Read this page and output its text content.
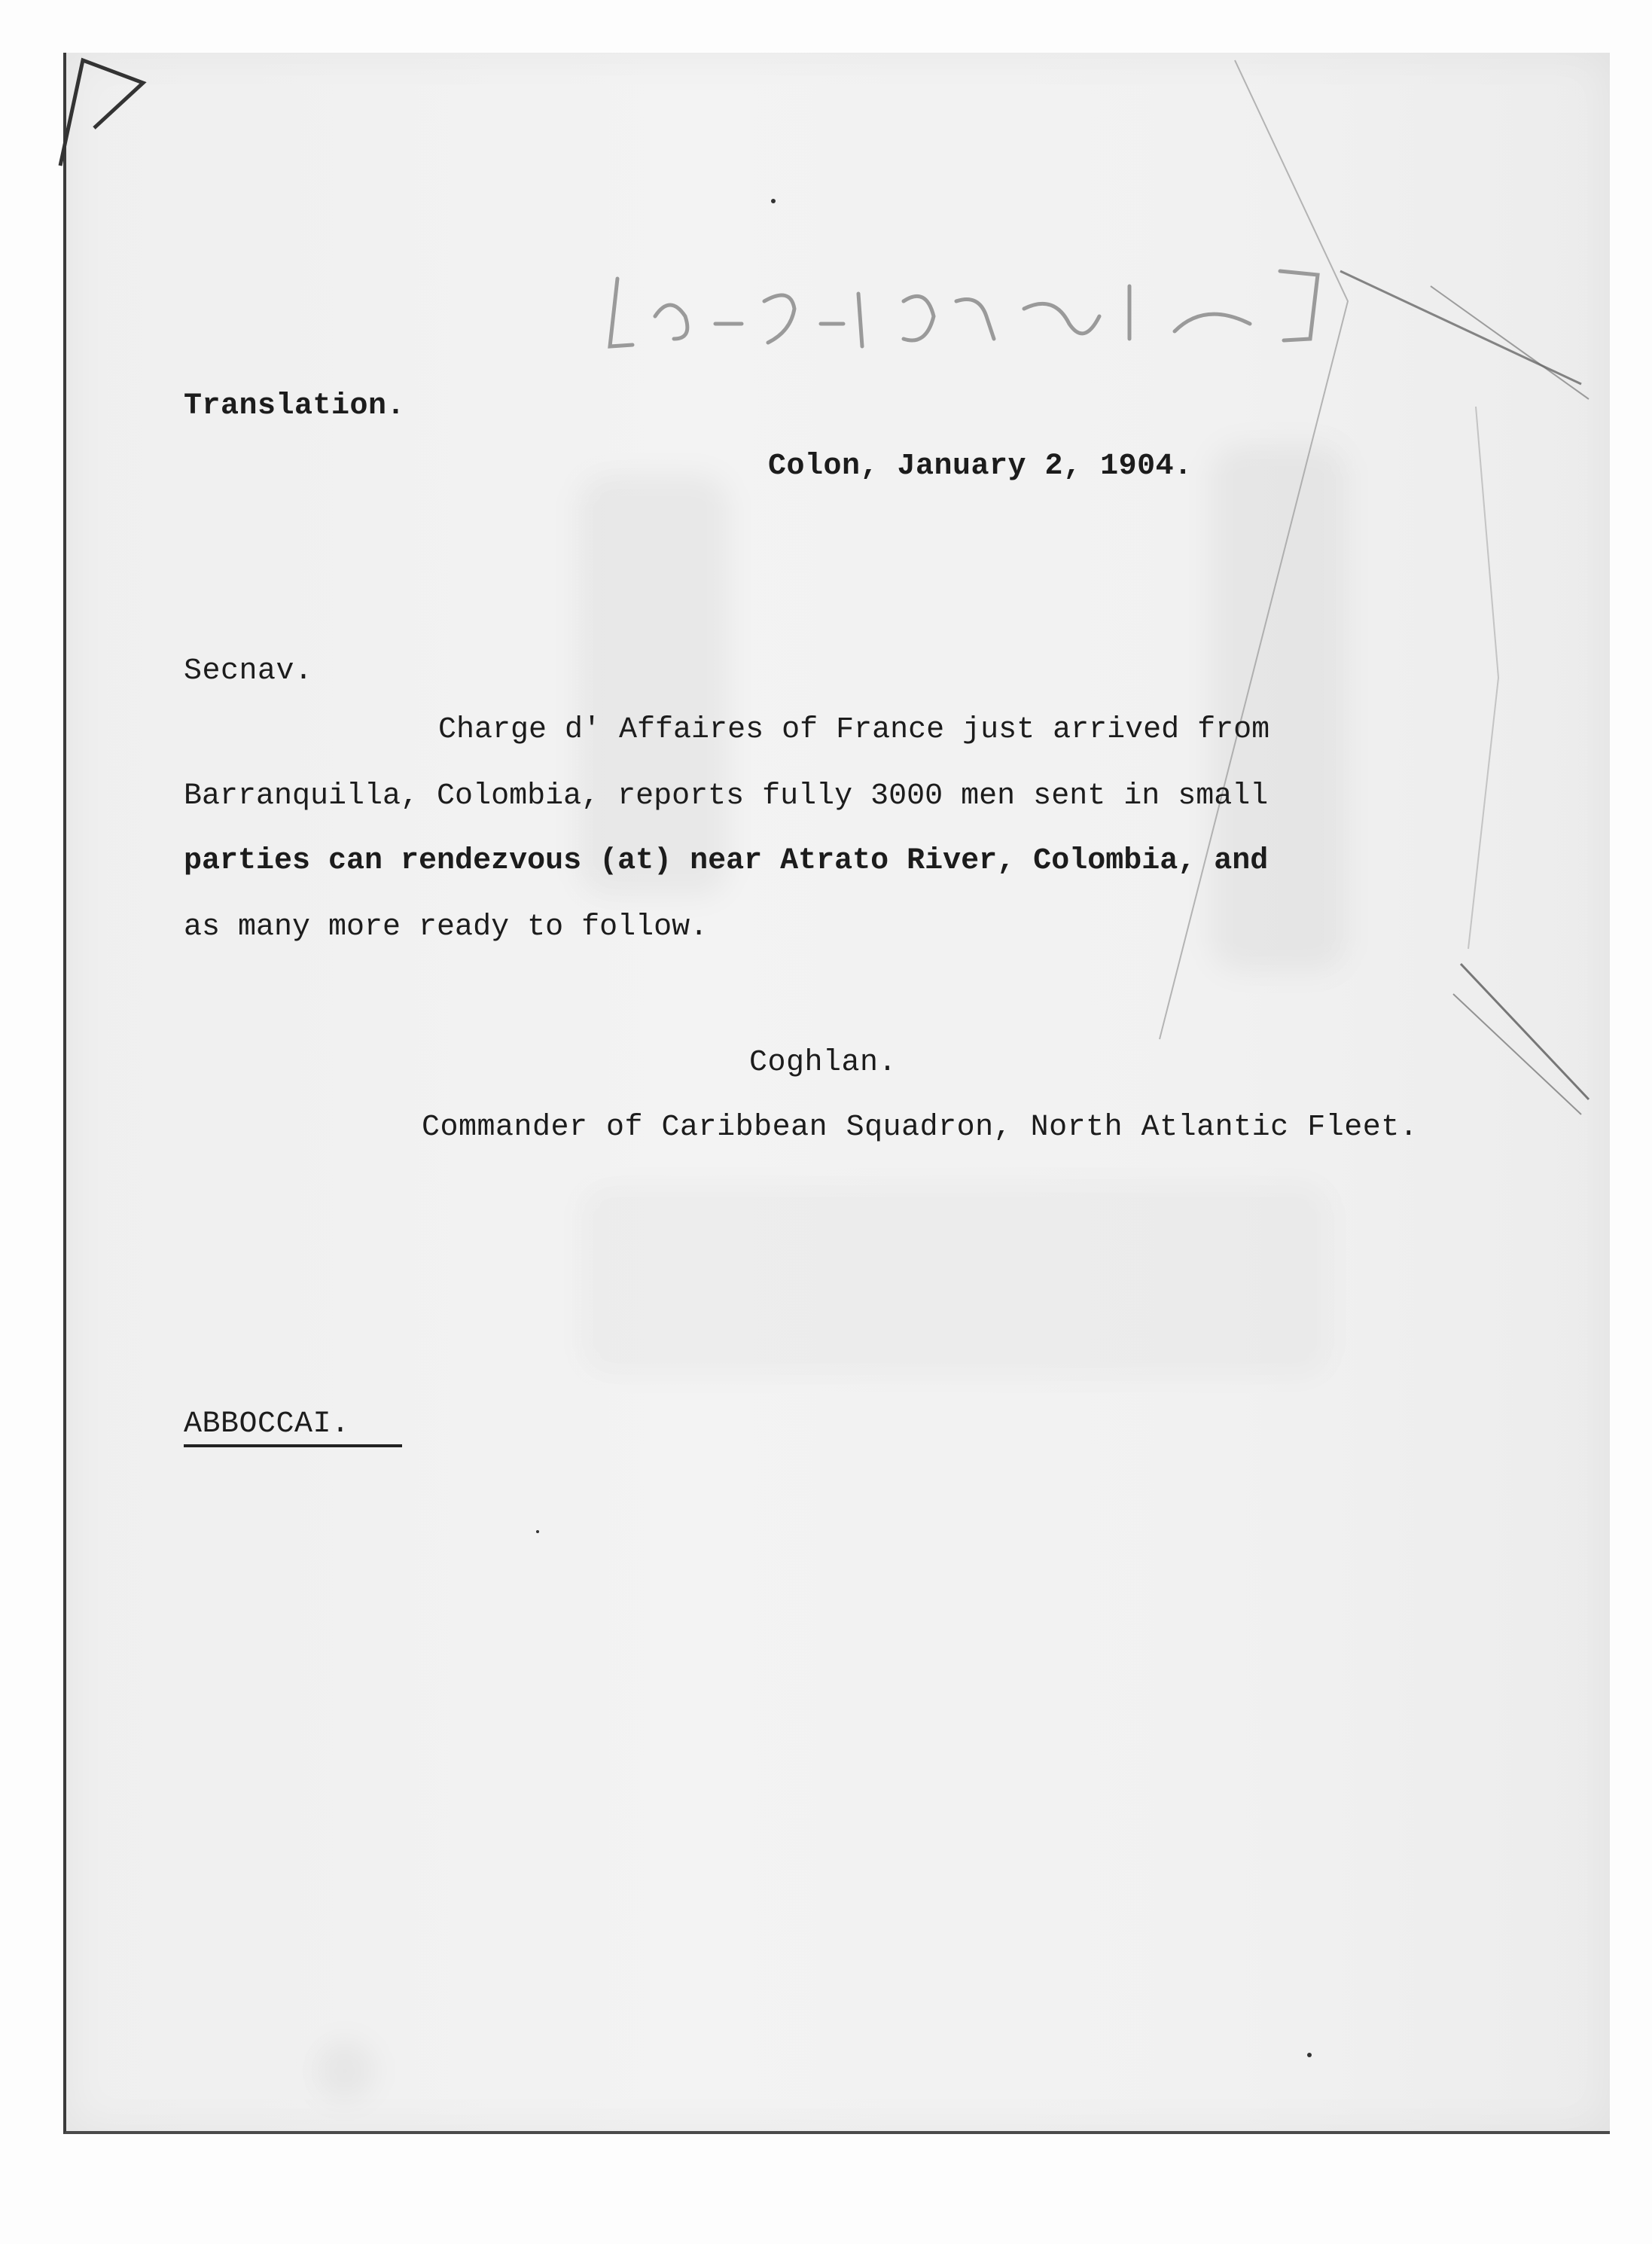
Translation.
Colon, January 2, 1904.
Secnav.
Charge d' Affaires of France just arrived from
Barranquilla, Colombia, reports fully 3000 men sent in small
parties can rendezvous (at) near Atrato River, Colombia, and
as many more ready to follow.
Coghlan.
Commander of Caribbean Squadron, North Atlantic Fleet.
ABBOCCAI.
